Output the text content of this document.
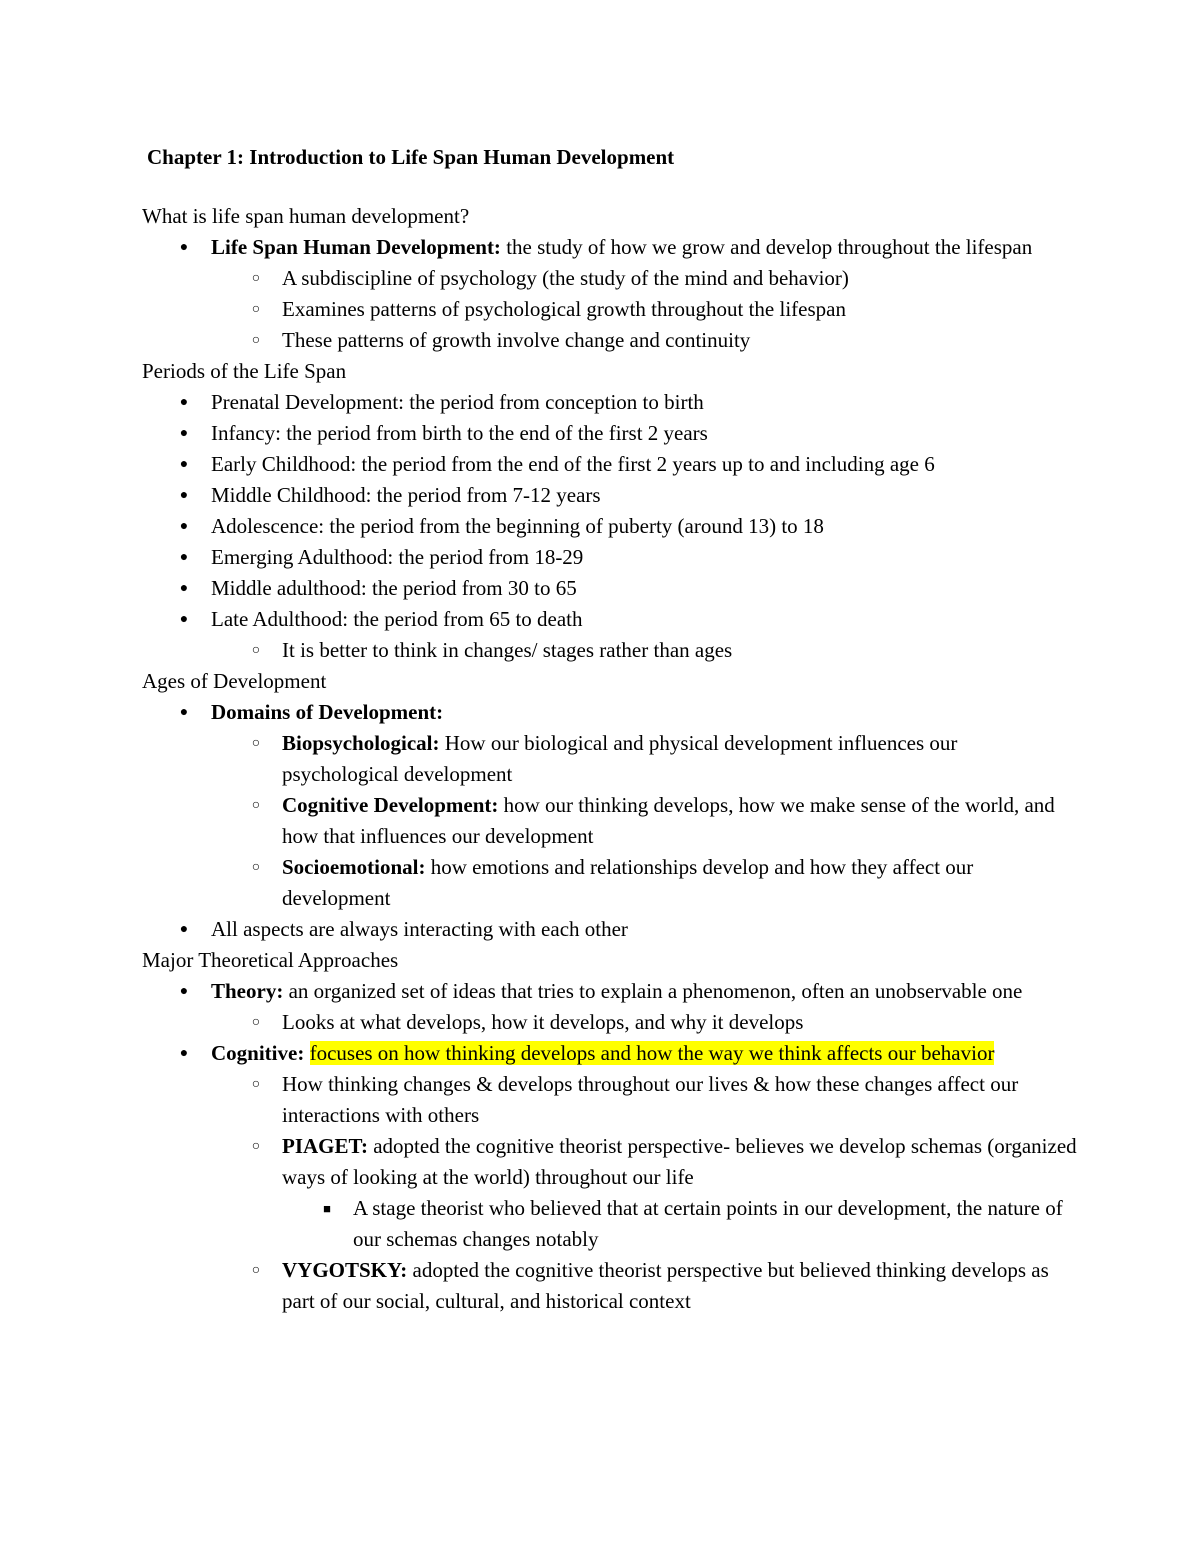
Chapter 1: Introduction to Life Span Human Development
What is life span human development?
● Life Span Human Development: the study of how we grow and develop throughout the lifespan
○ A subdiscipline of psychology (the study of the mind and behavior)
○ Examines patterns of psychological growth throughout the lifespan
○ These patterns of growth involve change and continuity
Periods of the Life Span
● Prenatal Development: the period from conception to birth
● Infancy: the period from birth to the end of the first 2 years
● Early Childhood: the period from the end of the first 2 years up to and including age 6
● Middle Childhood: the period from 7-12 years
● Adolescence: the period from the beginning of puberty (around 13) to 18
● Emerging Adulthood: the period from 18-29
● Middle adulthood: the period from 30 to 65
● Late Adulthood: the period from 65 to death
○ It is better to think in changes/ stages rather than ages
Ages of Development
● Domains of Development:
○ Biopsychological: How our biological and physical development influences our psychological development
○ Cognitive Development: how our thinking develops, how we make sense of the world, and how that influences our development
○ Socioemotional: how emotions and relationships develop and how they affect our development
● All aspects are always interacting with each other
Major Theoretical Approaches
● Theory: an organized set of ideas that tries to explain a phenomenon, often an unobservable one
○ Looks at what develops, how it develops, and why it develops
● Cognitive: focuses on how thinking develops and how the way we think affects our behavior
○ How thinking changes & develops throughout our lives & how these changes affect our interactions with others
○ PIAGET: adopted the cognitive theorist perspective- believes we develop schemas (organized ways of looking at the world) throughout our life
■ A stage theorist who believed that at certain points in our development, the nature of our schemas changes notably
○ VYGOTSKY: adopted the cognitive theorist perspective but believed thinking develops as part of our social, cultural, and historical context
